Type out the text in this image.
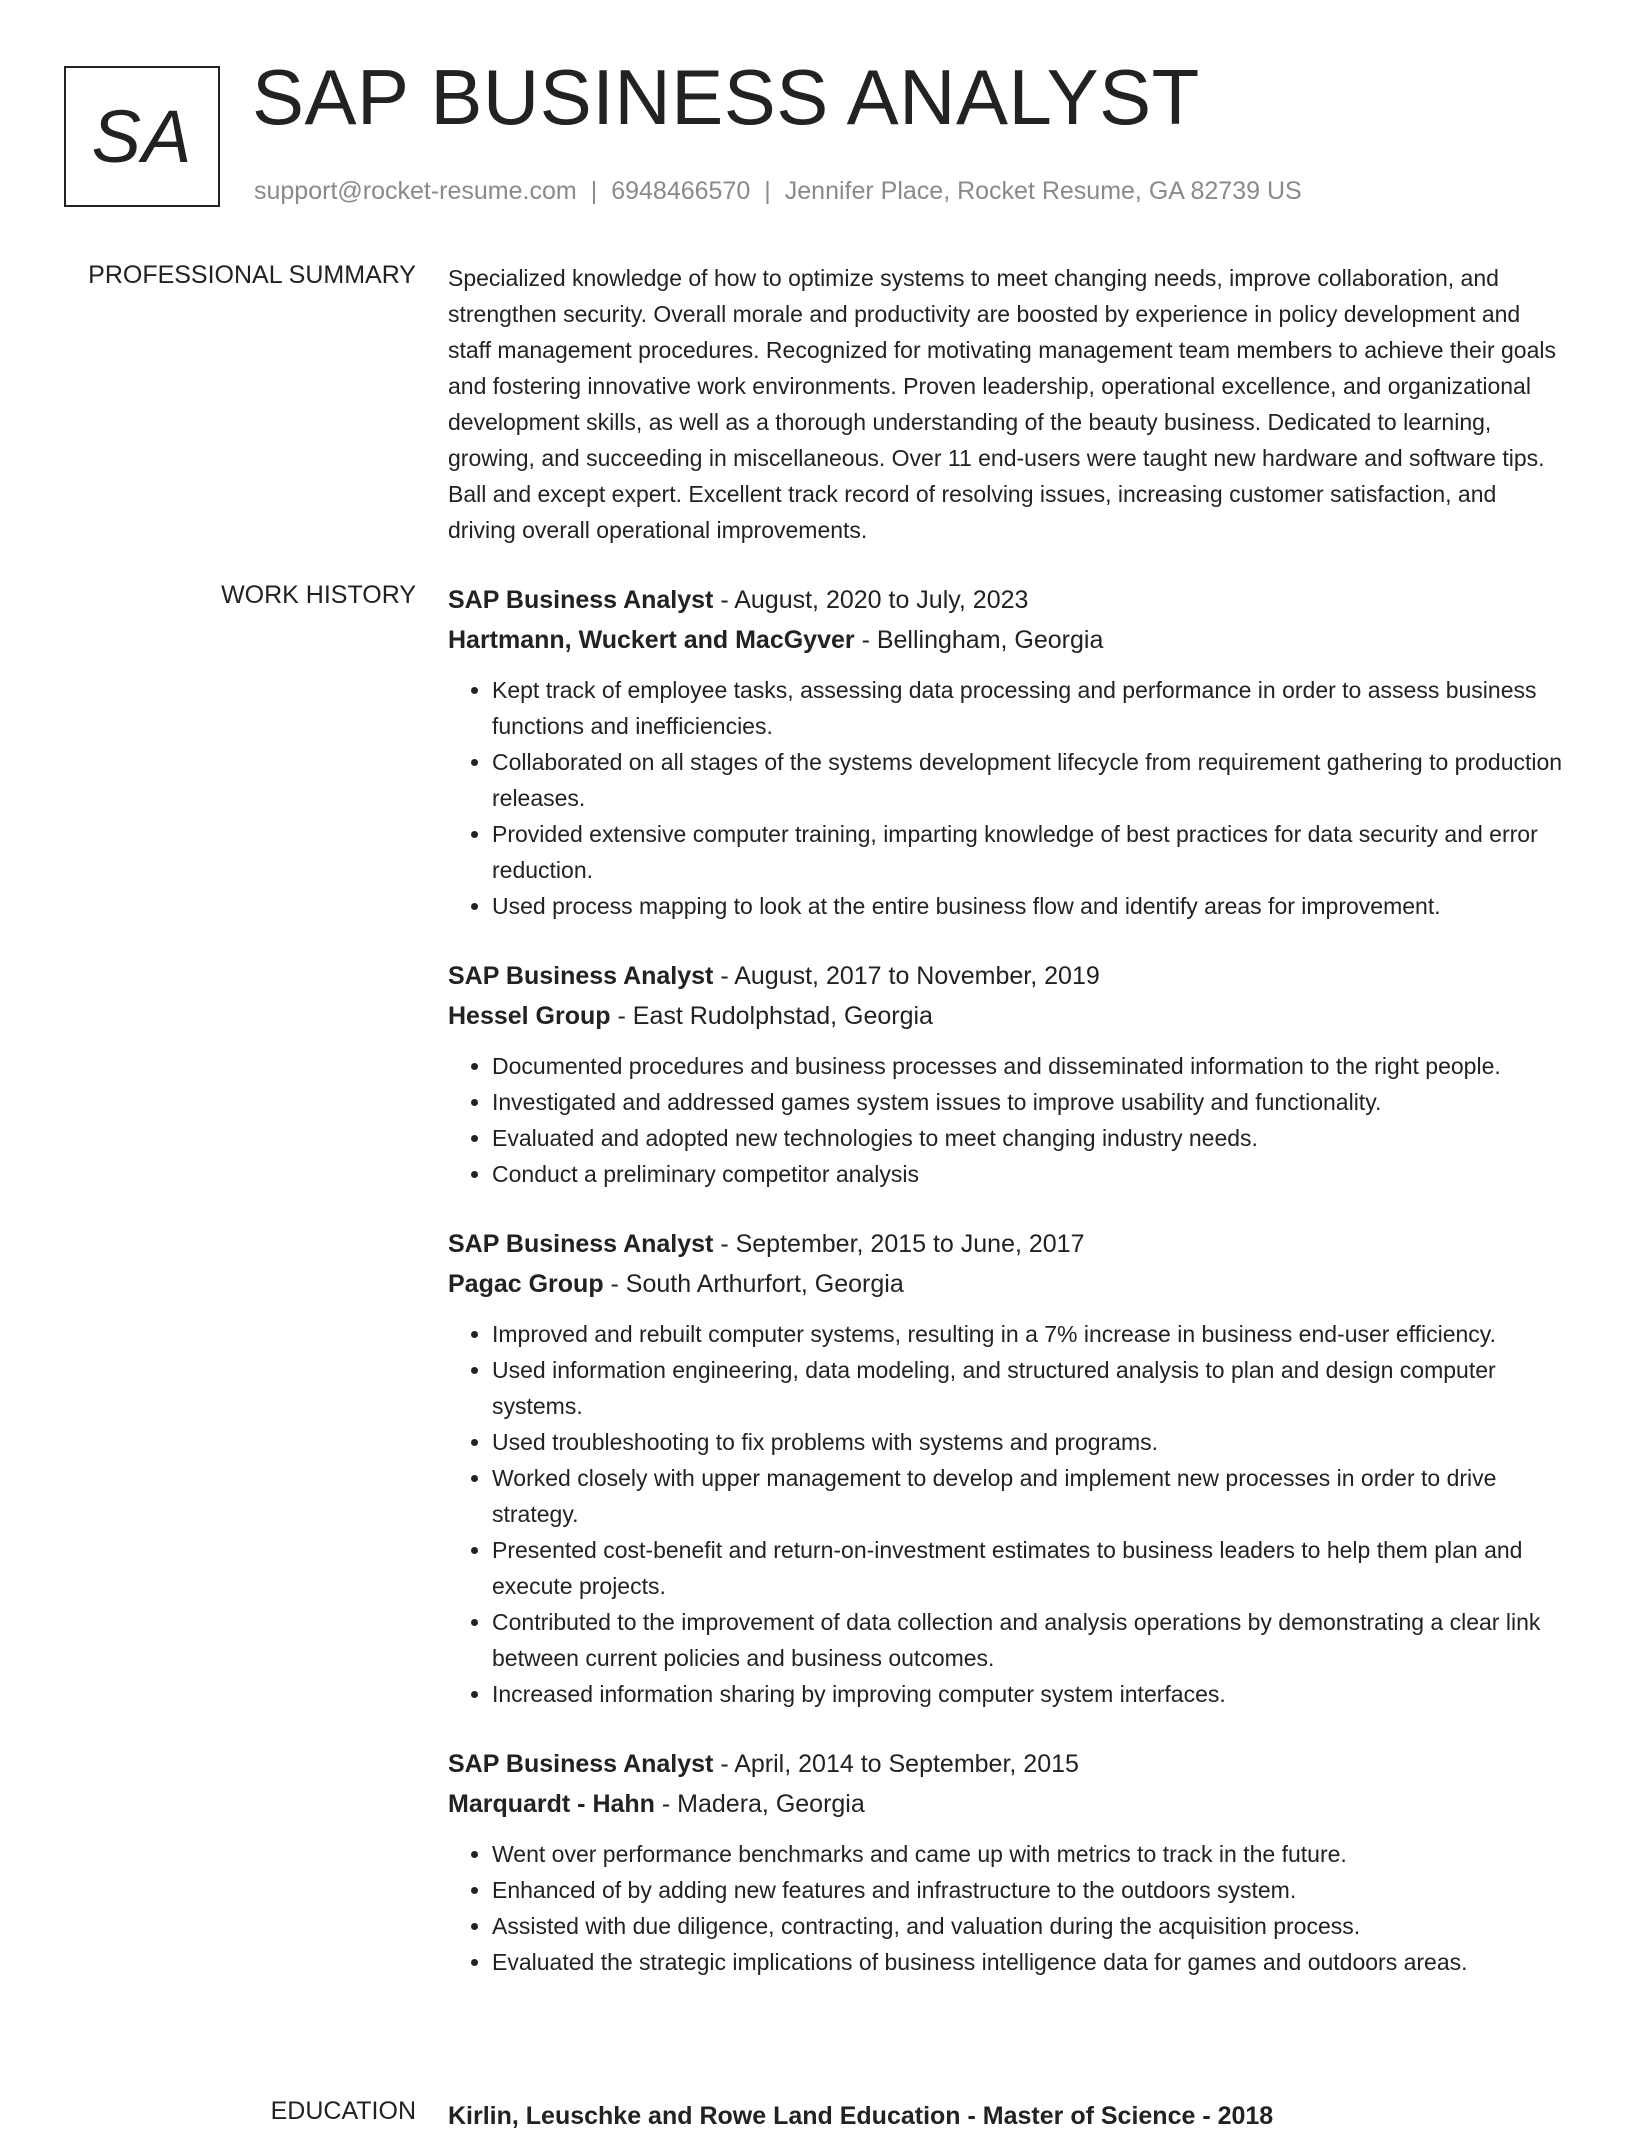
SA SAP BUSINESS ANALYST
support@rocket-resume.com | 6948466570 | Jennifer Place, Rocket Resume, GA 82739 US
PROFESSIONAL SUMMARY Specialized knowledge of how to optimize systems to meet changing needs, improve collaboration, and strengthen security. Overall morale and productivity are boosted by experience in policy development and staff management procedures. Recognized for motivating management team members to achieve their goals and fostering innovative work environments. Proven leadership, operational excellence, and organizational development skills, as well as a thorough understanding of the beauty business. Dedicated to learning, growing, and succeeding in miscellaneous. Over 11 end-users were taught new hardware and software tips. Ball and except expert. Excellent track record of resolving issues, increasing customer satisfaction, and driving overall operational improvements.

WORK HISTORY SAP Business Analyst - August, 2020 to July, 2023
Hartmann, Wuckert and MacGyver - Bellingham, Georgia
• Kept track of employee tasks, assessing data processing and performance in order to assess business functions and inefficiencies.
• Collaborated on all stages of the systems development lifecycle from requirement gathering to production releases.
• Provided extensive computer training, imparting knowledge of best practices for data security and error reduction.
• Used process mapping to look at the entire business flow and identify areas for improvement.
SAP Business Analyst - August, 2017 to November, 2019
Hessel Group - East Rudolphstad, Georgia
• Documented procedures and business processes and disseminated information to the right people.
• Investigated and addressed games system issues to improve usability and functionality.
• Evaluated and adopted new technologies to meet changing industry needs.
• Conduct a preliminary competitor analysis
SAP Business Analyst - September, 2015 to June, 2017
Pagac Group - South Arthurfort, Georgia
• Improved and rebuilt computer systems, resulting in a 7% increase in business end-user efficiency.
• Used information engineering, data modeling, and structured analysis to plan and design computer systems.
• Used troubleshooting to fix problems with systems and programs.
• Worked closely with upper management to develop and implement new processes in order to drive strategy.
• Presented cost-benefit and return-on-investment estimates to business leaders to help them plan and execute projects.
• Contributed to the improvement of data collection and analysis operations by demonstrating a clear link between current policies and business outcomes.
• Increased information sharing by improving computer system interfaces.
SAP Business Analyst - April, 2014 to September, 2015
Marquardt - Hahn - Madera, Georgia
• Went over performance benchmarks and came up with metrics to track in the future.
• Enhanced of by adding new features and infrastructure to the outdoors system.
• Assisted with due diligence, contracting, and valuation during the acquisition process.
• Evaluated the strategic implications of business intelligence data for games and outdoors areas.
EDUCATION Kirlin, Leuschke and Rowe Land Education - Master of Science - 2018
